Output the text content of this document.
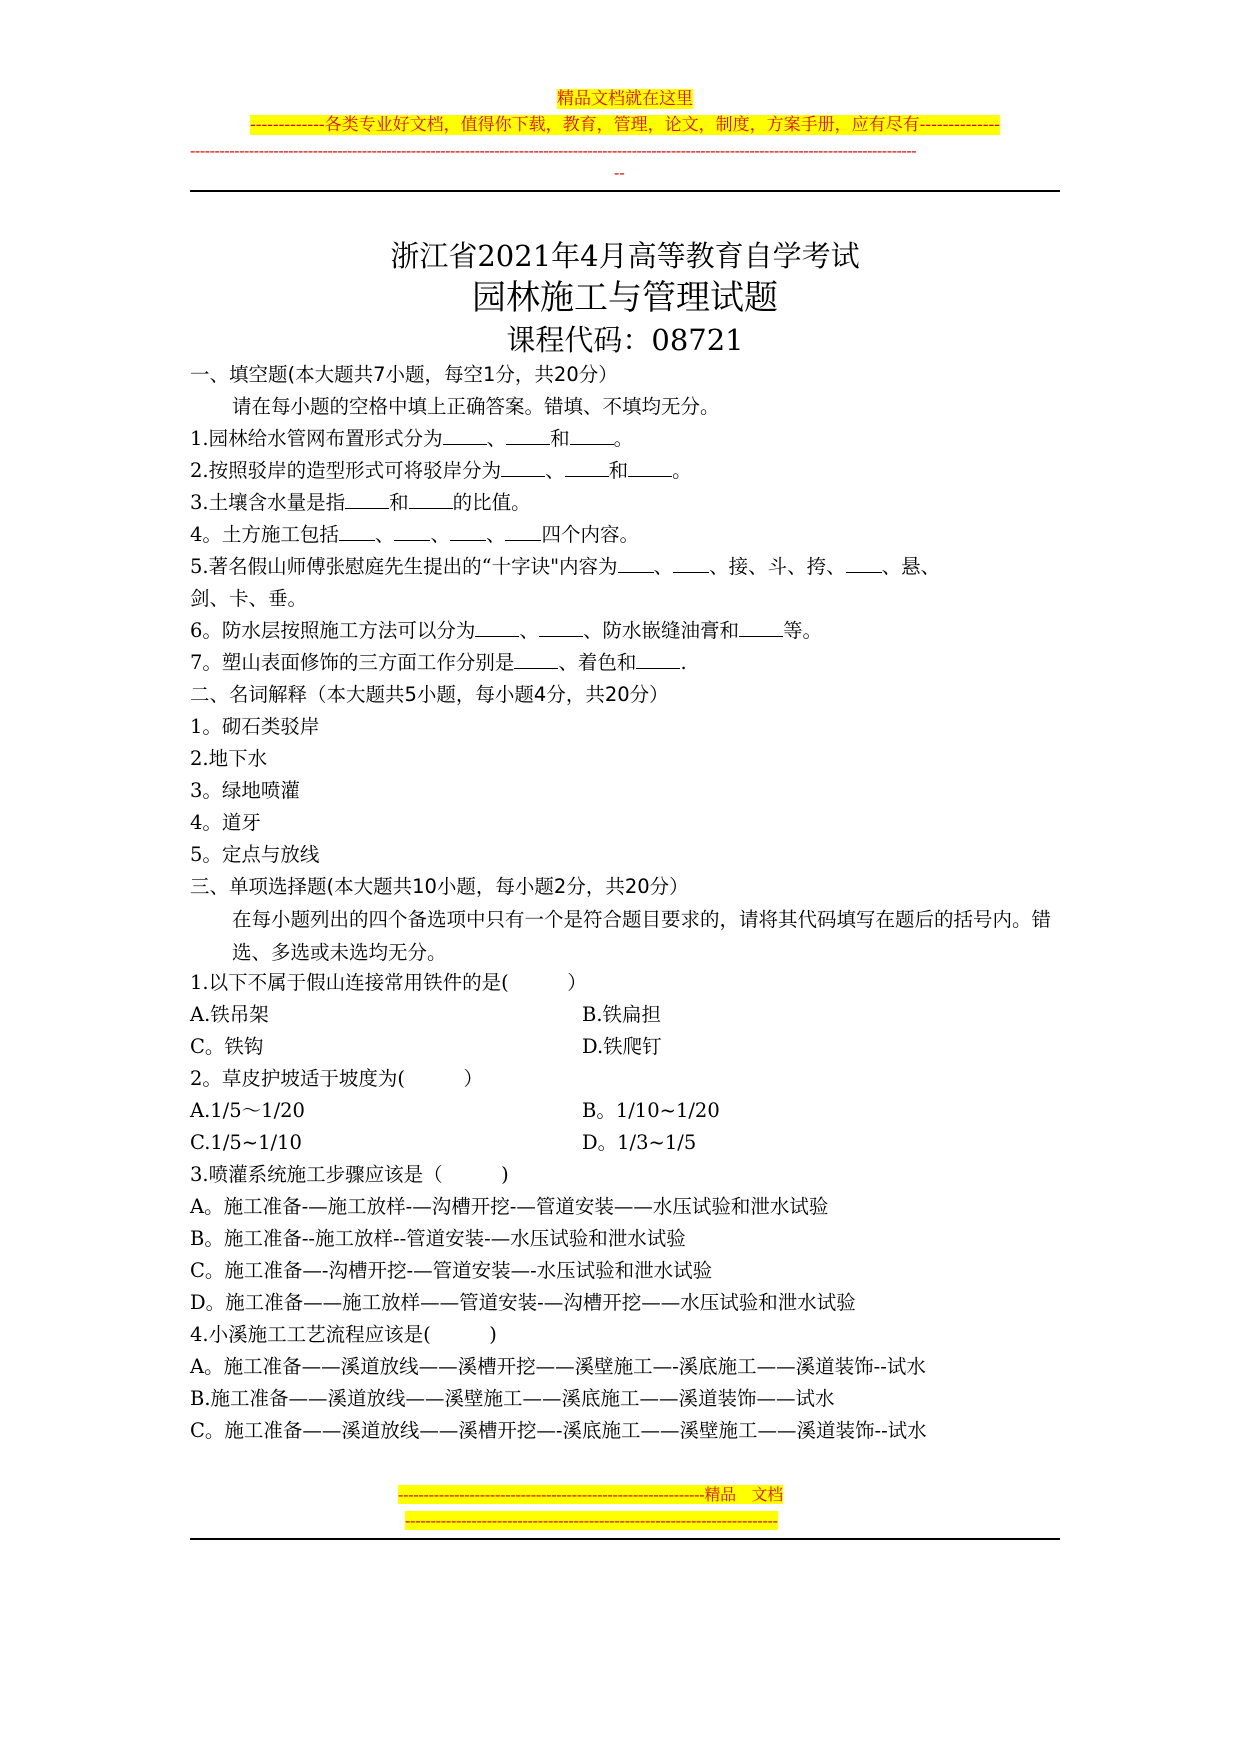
精品文档就在这里
-------------各类专业好文档，值得你下载，教育，管理，论文，制度，方案手册，应有尽有--------------
----------------------------------------------------------------------------------------------------------------------------------------------------
--
浙江省2021年4月高等教育自学考试
园林施工与管理试题
课程代码：08721
一、填空题(本大题共7小题，每空1分，共20分）
请在每小题的空格中填上正确答案。错填、不填均无分。
1.园林给水管网布置形式分为 、 和 。
2.按照驳岸的造型形式可将驳岸分为 、 和 。
3.土壤含水量是指 和 的比值。
4。土方施工包括 、 、 、 四个内容。
5.著名假山师傅张慰庭先生提出的“十字诀"内容为 、 、接、斗、挎、 、悬、
剑、卡、垂。
6。防水层按照施工方法可以分为 、 、防水嵌缝油膏和 等。
7。塑山表面修饰的三方面工作分别是 、着色和 .
二、名词解释（本大题共5小题，每小题4分，共20分）
1。砌石类驳岸
2.地下水
3。绿地喷灌
4。道牙
5。定点与放线
三、单项选择题(本大题共10小题，每小题2分，共20分）
在每小题列出的四个备选项中只有一个是符合题目要求的，请将其代码填写在题后的括号内。错选、多选或未选均无分。
1.以下不属于假山连接常用铁件的是(　　　）
A.铁吊架	B.铁扁担
C。铁钩	D.铁爬钉
2。草皮护坡适于坡度为(　　　）
A.1/5～1/20	B。1/10~1/20
C.1/5~1/10	D。1/3~1/5
3.喷灌系统施工步骤应该是（　　　)
A。施工准备-—施工放样-—沟槽开挖-—管道安装——水压试验和泄水试验
B。施工准备--施工放样--管道安装-—水压试验和泄水试验
C。施工准备—-沟槽开挖-—管道安装—-水压试验和泄水试验
D。施工准备——施工放样——管道安装-—沟槽开挖——水压试验和泄水试验
4.小溪施工工艺流程应该是(　　　)
A。施工准备——溪道放线——溪槽开挖——溪壁施工—-溪底施工——溪道装饰--试水
B.施工准备——溪道放线——溪壁施工——溪底施工——溪道装饰——试水
C。施工准备——溪道放线——溪槽开挖—-溪底施工——溪壁施工——溪道装饰--试水
------------------------------------------------------------精品　文档
-------------------------------------------------------------------------
